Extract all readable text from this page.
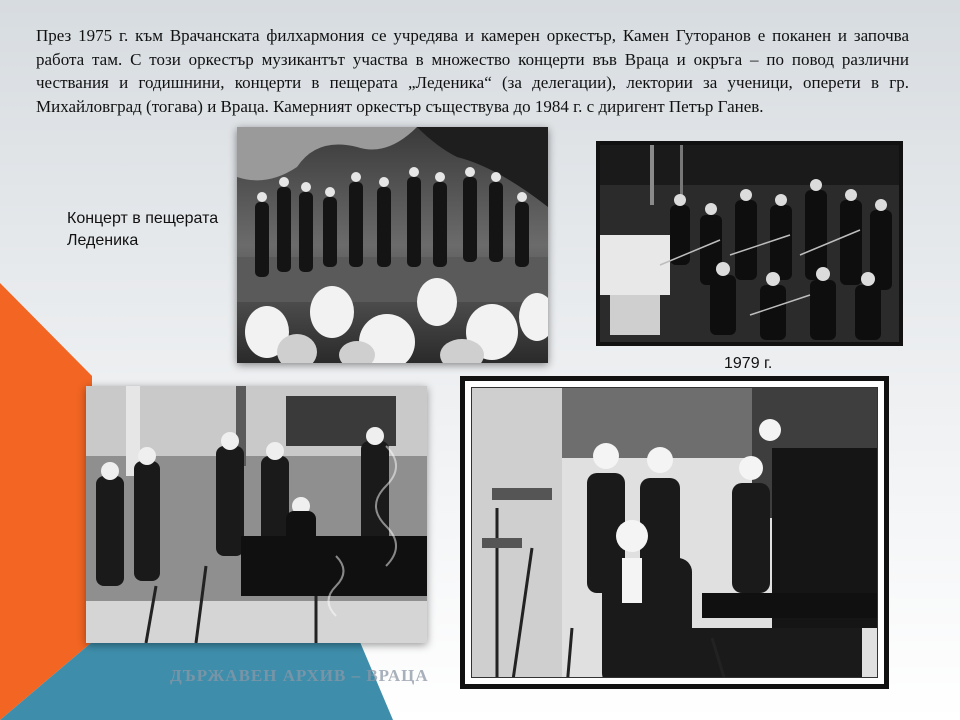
През 1975 г. към Врачанската филхармония се учредява и камерен оркестър, Камен Гуторанов е поканен и започва работа там. С този оркестър музикантът участва в множество концерти във Враца и окръга – по повод различни чествания и годишнини, концерти в пещерата „Леденика“ (за делегации), лектории за ученици, оперети в гр. Михайловград (тогава) и Враца. Камерният оркестър съществува до 1984 г. с диригент Петър Ганев.

Концерт в пещерата Леденика

1979 г.

ДЪРЖАВЕН АРХИВ – ВРАЦА
